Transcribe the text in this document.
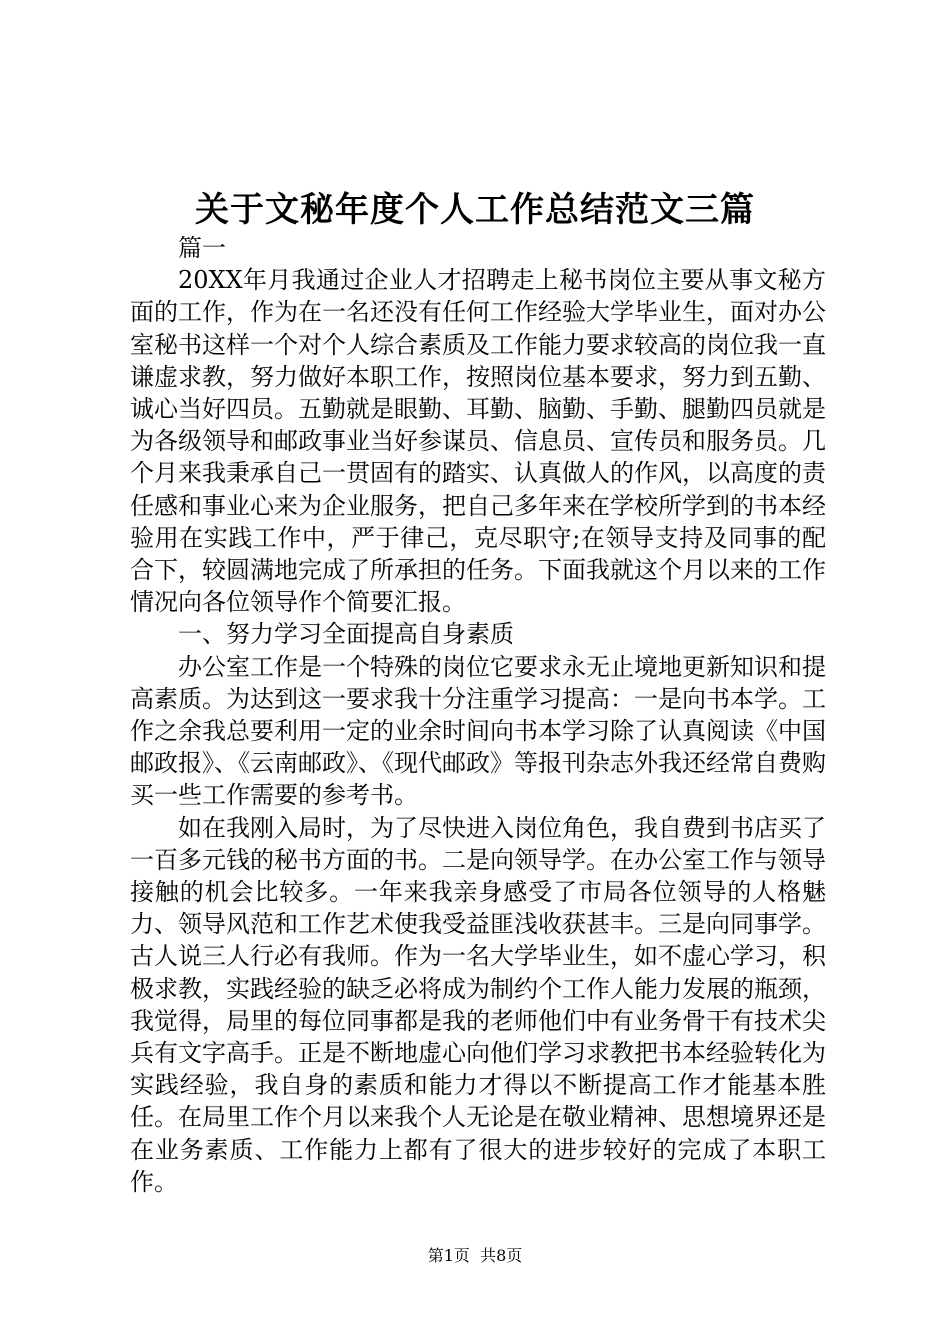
关于文秘年度个人工作总结范文三篇

篇一

20XX年月我通过企业人才招聘走上秘书岗位主要从事文秘方面的工作，作为在一名还没有任何工作经验大学毕业生，面对办公室秘书这样一个对个人综合素质及工作能力要求较高的岗位我一直谦虚求教，努力做好本职工作，按照岗位基本要求，努力到五勤、诚心当好四员。五勤就是眼勤、耳勤、脑勤、手勤、腿勤四员就是为各级领导和邮政事业当好参谋员、信息员、宣传员和服务员。几个月来我秉承自己一贯固有的踏实、认真做人的作风，以高度的责任感和事业心来为企业服务，把自己多年来在学校所学到的书本经验用在实践工作中，严于律己，克尽职守;在领导支持及同事的配合下，较圆满地完成了所承担的任务。下面我就这个月以来的工作情况向各位领导作个简要汇报。

一、努力学习全面提高自身素质

办公室工作是一个特殊的岗位它要求永无止境地更新知识和提高素质。为达到这一要求我十分注重学习提高：一是向书本学。工作之余我总要利用一定的业余时间向书本学习除了认真阅读《中国邮政报》、《云南邮政》、《现代邮政》等报刊杂志外我还经常自费购买一些工作需要的参考书。

如在我刚入局时，为了尽快进入岗位角色，我自费到书店买了一百多元钱的秘书方面的书。二是向领导学。在办公室工作与领导接触的机会比较多。一年来我亲身感受了市局各位领导的人格魅力、领导风范和工作艺术使我受益匪浅收获甚丰。三是向同事学。古人说三人行必有我师。作为一名大学毕业生，如不虚心学习，积极求教，实践经验的缺乏必将成为制约个工作人能力发展的瓶颈，我觉得，局里的每位同事都是我的老师他们中有业务骨干有技术尖兵有文字高手。正是不断地虚心向他们学习求教把书本经验转化为实践经验，我自身的素质和能力才得以不断提高工作才能基本胜任。在局里工作个月以来我个人无论是在敬业精神、思想境界还是在业务素质、工作能力上都有了很大的进步较好的完成了本职工作。

第1页 共8页
